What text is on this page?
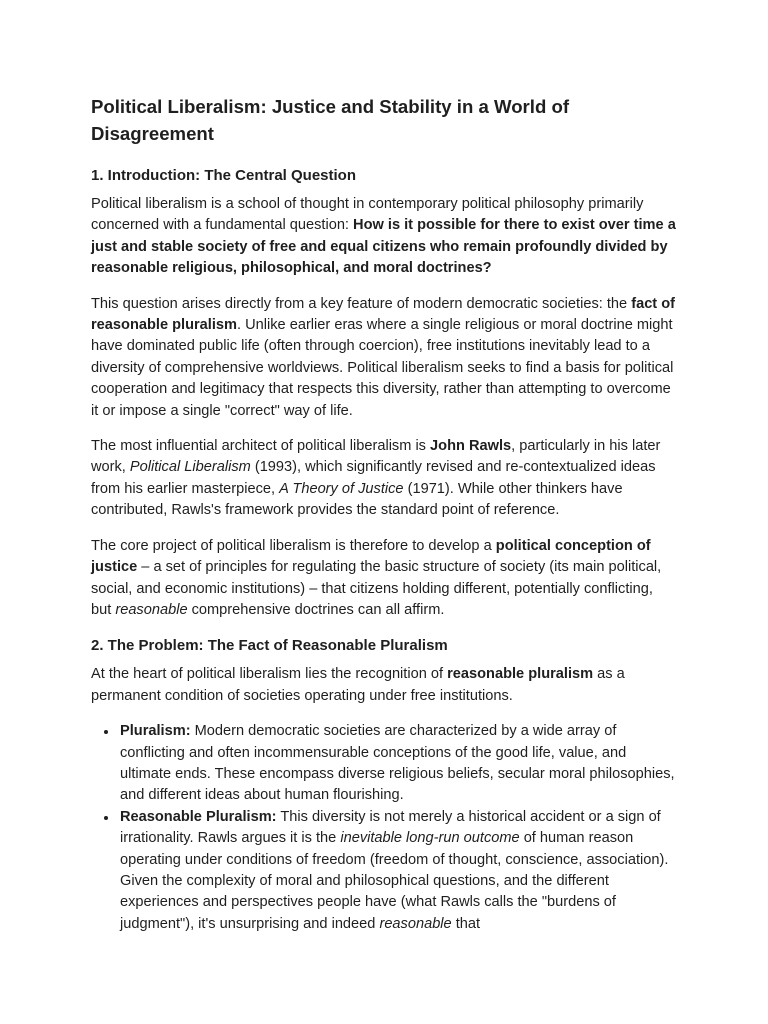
Political Liberalism: Justice and Stability in a World of Disagreement
1. Introduction: The Central Question

Political liberalism is a school of thought in contemporary political philosophy primarily concerned with a fundamental question: How is it possible for there to exist over time a just and stable society of free and equal citizens who remain profoundly divided by reasonable religious, philosophical, and moral doctrines?

This question arises directly from a key feature of modern democratic societies: the fact of reasonable pluralism. Unlike earlier eras where a single religious or moral doctrine might have dominated public life (often through coercion), free institutions inevitably lead to a diversity of comprehensive worldviews. Political liberalism seeks to find a basis for political cooperation and legitimacy that respects this diversity, rather than attempting to overcome it or impose a single "correct" way of life.

The most influential architect of political liberalism is John Rawls, particularly in his later work, Political Liberalism (1993), which significantly revised and re-contextualized ideas from his earlier masterpiece, A Theory of Justice (1971). While other thinkers have contributed, Rawls's framework provides the standard point of reference.

The core project of political liberalism is therefore to develop a political conception of justice – a set of principles for regulating the basic structure of society (its main political, social, and economic institutions) – that citizens holding different, potentially conflicting, but reasonable comprehensive doctrines can all affirm.

2. The Problem: The Fact of Reasonable Pluralism

At the heart of political liberalism lies the recognition of reasonable pluralism as a permanent condition of societies operating under free institutions.

• Pluralism: Modern democratic societies are characterized by a wide array of conflicting and often incommensurable conceptions of the good life, value, and ultimate ends. These encompass diverse religious beliefs, secular moral philosophies, and different ideas about human flourishing.
• Reasonable Pluralism: This diversity is not merely a historical accident or a sign of irrationality. Rawls argues it is the inevitable long-run outcome of human reason operating under conditions of freedom (freedom of thought, conscience, association). Given the complexity of moral and philosophical questions, and the different experiences and perspectives people have (what Rawls calls the "burdens of judgment"), it's unsurprising and indeed reasonable that
